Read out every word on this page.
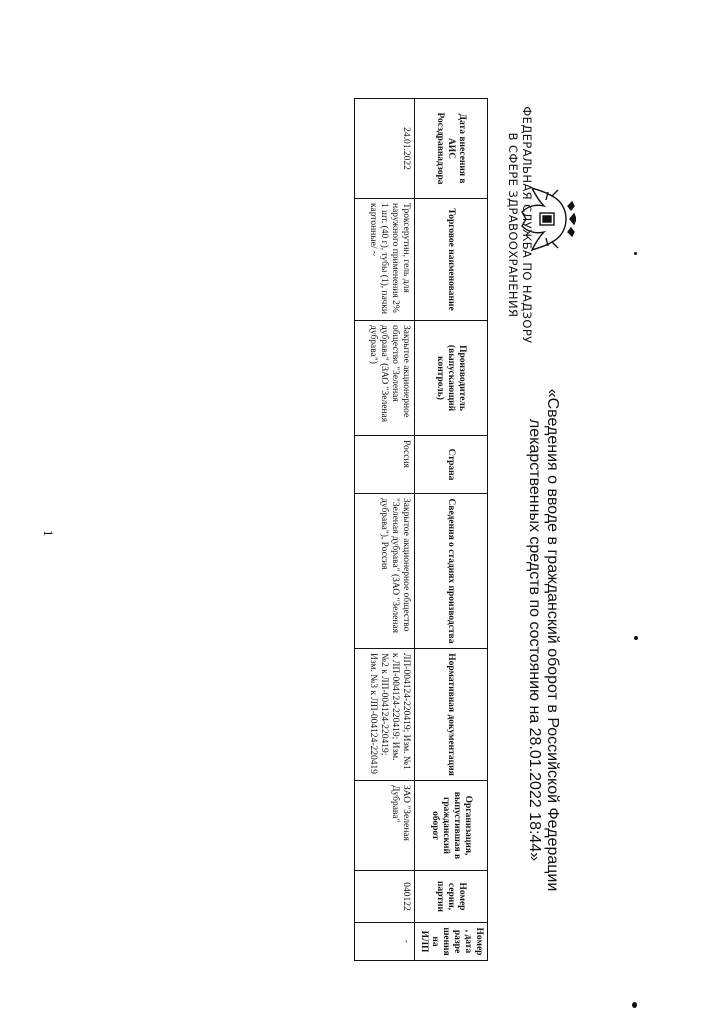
ФЕДЕРАЛЬНАЯ СЛУЖБА ПО НАДЗОРУ
В СФЕРЕ ЗДРАВООХРАНЕНИЯ
«Сведения о вводе в гражданский оборот в Российской Федерации лекарственных средств по состоянию на 28.01.2022 18:44»
Дата внесения в АИС Росздравнадзора	Торговое наименование	Производитель (выпускающий контроль)	Страна	Сведения о стадиях производства	Нормативная документация	Организация, выпустившая в гражданский оборот	Номер серии, партии	Номер, дата разрешения на ИЛП
24.01.2022	Троксерутин, гель для наружного применения 2% 1 шт. (40 г), тубы (1), пачки картонные/ ~	Закрытое акционерное общество "Зеленая дубрава" (ЗАО "Зеленая дубрава")	Россия	Закрытое акционерное общество "Зеленая дубрава" (ЗАО "Зеленая дубрава"), Россия	ЛП-004124-220419; Изм. №1 к ЛП-004124-220419; Изм. №2 к ЛП-004124-220419; Изм. №3 к ЛП-004124-220419	ЗАО "Зеленая Дубрава"	040122	-
1
